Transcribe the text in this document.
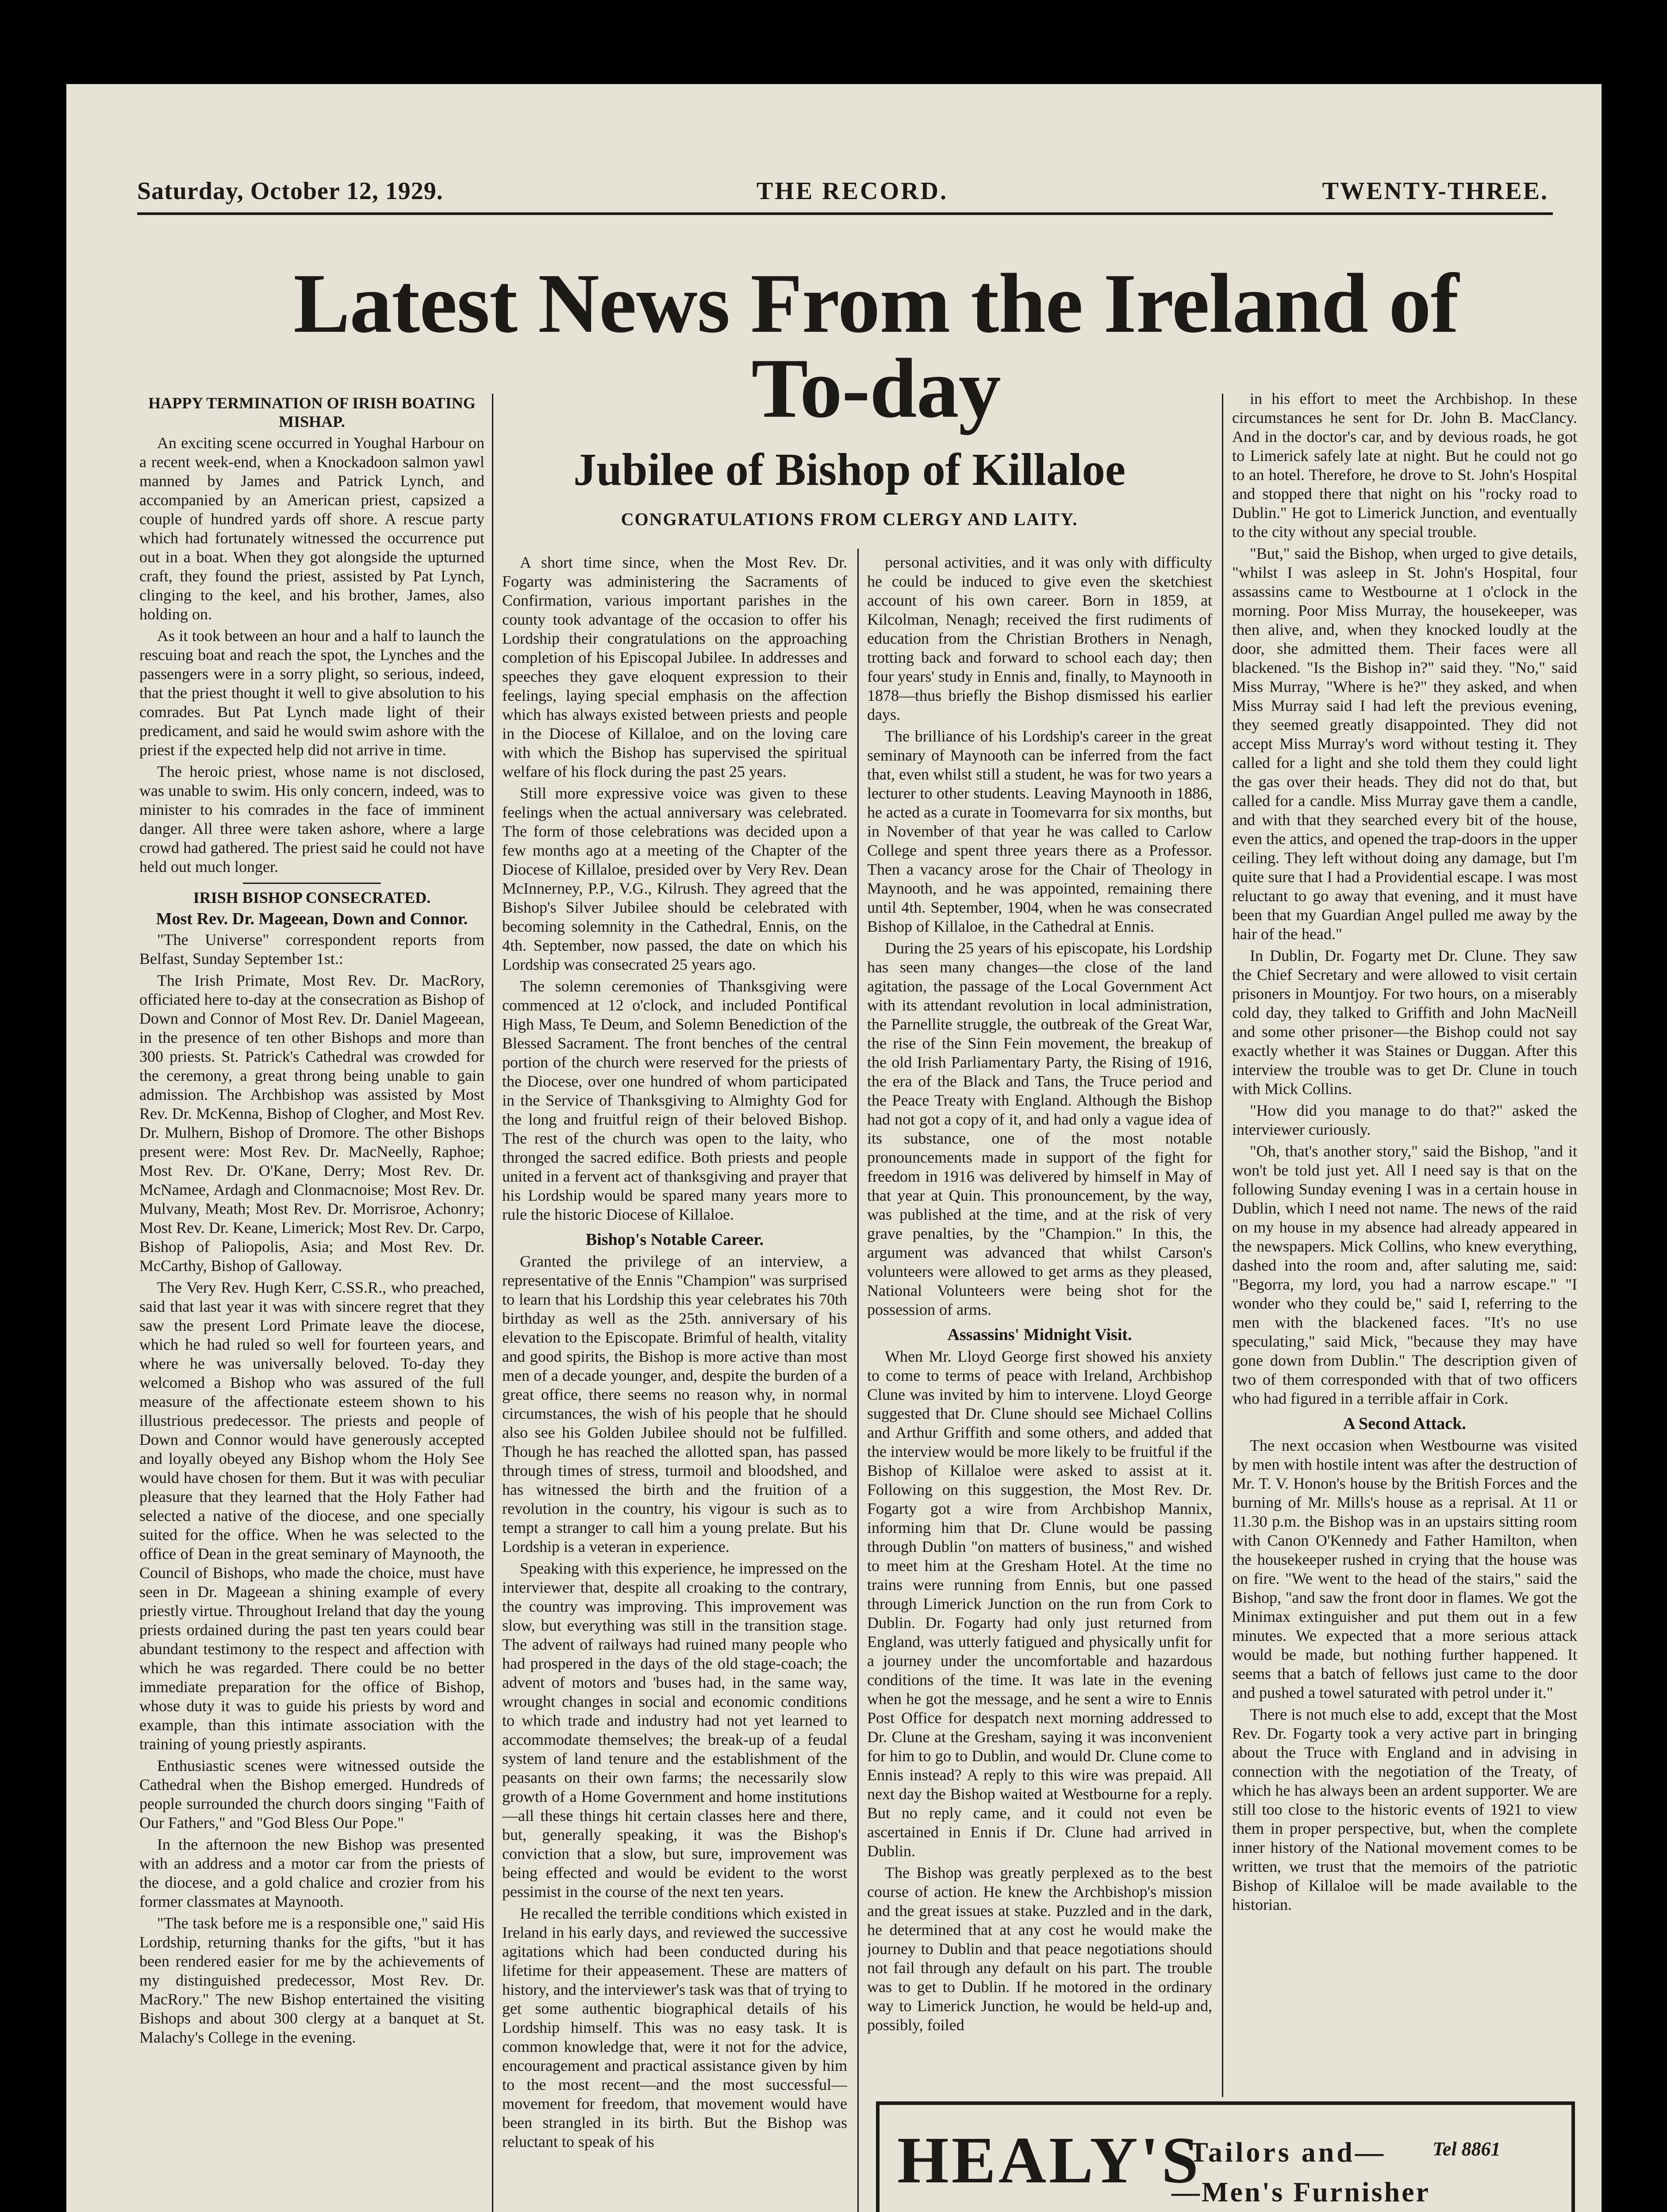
Saturday, October 12, 1929.	THE RECORD.	TWENTY-THREE.
Latest News From the Ireland of To-day
Jubilee of Bishop of Killaloe
CONGRATULATIONS FROM CLERGY AND LAITY.

HAPPY TERMINATION OF IRISH BOATING MISHAP.

An exciting scene occurred in Youghal Harbour on a recent week-end, when a Knockadoon salmon yawl manned by James and Patrick Lynch, and accompanied by an American priest, capsized a couple of hundred yards off shore. A rescue party which had fortunately witnessed the occurrence put out in a boat. When they got alongside the upturned craft, they found the priest, assisted by Pat Lynch, clinging to the keel, and his brother, James, also holding on.

As it took between an hour and a half to launch the rescuing boat and reach the spot, the Lynches and the passengers were in a sorry plight, so serious, indeed, that the priest thought it well to give absolution to his comrades. But Pat Lynch made light of their predicament, and said he would swim ashore with the priest if the expected help did not arrive in time.

The heroic priest, whose name is not disclosed, was unable to swim. His only concern, indeed, was to minister to his comrades in the face of imminent danger. All three were taken ashore, where a large crowd had gathered. The priest said he could not have held out much longer.

IRISH BISHOP CONSECRATED.

Most Rev. Dr. Mageean, Down and Connor.

"The Universe" correspondent reports from Belfast, Sunday September 1st.:

The Irish Primate, Most Rev. Dr. MacRory, officiated here to-day at the consecration as Bishop of Down and Connor of Most Rev. Dr. Daniel Mageean, in the presence of ten other Bishops and more than 300 priests. St. Patrick's Cathedral was crowded for the ceremony, a great throng being unable to gain admission. The Archbishop was assisted by Most Rev. Dr. McKenna, Bishop of Clogher, and Most Rev. Dr. Mulhern, Bishop of Dromore. The other Bishops present were: Most Rev. Dr. MacNeelly, Raphoe; Most Rev. Dr. O'Kane, Derry; Most Rev. Dr. McNamee, Ardagh and Clonmacnoise; Most Rev. Dr. Mulvany, Meath; Most Rev. Dr. Morrisroe, Achonry; Most Rev. Dr. Keane, Limerick; Most Rev. Dr. Carpo, Bishop of Paliopolis, Asia; and Most Rev. Dr. McCarthy, Bishop of Galloway.

The Very Rev. Hugh Kerr, C.SS.R., who preached, said that last year it was with sincere regret that they saw the present Lord Primate leave the diocese, which he had ruled so well for fourteen years, and where he was universally beloved. To-day they welcomed a Bishop who was assured of the full measure of the affectionate esteem shown to his illustrious predecessor. The priests and people of Down and Connor would have generously accepted and loyally obeyed any Bishop whom the Holy See would have chosen for them. But it was with peculiar pleasure that they learned that the Holy Father had selected a native of the diocese, and one specially suited for the office. When he was selected to the office of Dean in the great seminary of Maynooth, the Council of Bishops, who made the choice, must have seen in Dr. Mageean a shining example of every priestly virtue. Throughout Ireland that day the young priests ordained during the past ten years could bear abundant testimony to the respect and affection with which he was regarded. There could be no better immediate preparation for the office of Bishop, whose duty it was to guide his priests by word and example, than this intimate association with the training of young priestly aspirants.

Enthusiastic scenes were witnessed outside the Cathedral when the Bishop emerged. Hundreds of people surrounded the church doors singing "Faith of Our Fathers," and "God Bless Our Pope."

In the afternoon the new Bishop was presented with an address and a motor car from the priests of the diocese, and a gold chalice and crozier from his former classmates at Maynooth.

"The task before me is a responsible one," said His Lordship, returning thanks for the gifts, "but it has been rendered easier for me by the achievements of my distinguished predecessor, Most Rev. Dr. MacRory." The new Bishop entertained the visiting Bishops and about 300 clergy at a banquet at St. Malachy's College in the evening.

A short time since, when the Most Rev. Dr. Fogarty was administering the Sacraments of Confirmation, various important parishes in the county took advantage of the occasion to offer his Lordship their congratulations on the approaching completion of his Episcopal Jubilee. In addresses and speeches they gave eloquent expression to their feelings, laying special emphasis on the affection which has always existed between priests and people in the Diocese of Killaloe, and on the loving care with which the Bishop has supervised the spiritual welfare of his flock during the past 25 years.

Still more expressive voice was given to these feelings when the actual anniversary was celebrated. The form of those celebrations was decided upon a few months ago at a meeting of the Chapter of the Diocese of Killaloe, presided over by Very Rev. Dean McInnerney, P.P., V.G., Kilrush. They agreed that the Bishop's Silver Jubilee should be celebrated with becoming solemnity in the Cathedral, Ennis, on the 4th. September, now passed, the date on which his Lordship was consecrated 25 years ago.

The solemn ceremonies of Thanksgiving were commenced at 12 o'clock, and included Pontifical High Mass, Te Deum, and Solemn Benediction of the Blessed Sacrament. The front benches of the central portion of the church were reserved for the priests of the Diocese, over one hundred of whom participated in the Service of Thanksgiving to Almighty God for the long and fruitful reign of their beloved Bishop. The rest of the church was open to the laity, who thronged the sacred edifice. Both priests and people united in a fervent act of thanksgiving and prayer that his Lordship would be spared many years more to rule the historic Diocese of Killaloe.

Bishop's Notable Career.

Granted the privilege of an interview, a representative of the Ennis "Champion" was surprised to learn that his Lordship this year celebrates his 70th birthday as well as the 25th. anniversary of his elevation to the Episcopate. Brimful of health, vitality and good spirits, the Bishop is more active than most men of a decade younger, and, despite the burden of a great office, there seems no reason why, in normal circumstances, the wish of his people that he should also see his Golden Jubilee should not be fulfilled. Though he has reached the allotted span, has passed through times of stress, turmoil and bloodshed, and has witnessed the birth and the fruition of a revolution in the country, his vigour is such as to tempt a stranger to call him a young prelate. But his Lordship is a veteran in experience.

Speaking with this experience, he impressed on the interviewer that, despite all croaking to the contrary, the country was improving. This improvement was slow, but everything was still in the transition stage. The advent of railways had ruined many people who had prospered in the days of the old stage-coach; the advent of motors and 'buses had, in the same way, wrought changes in social and economic conditions to which trade and industry had not yet learned to accommodate themselves; the break-up of a feudal system of land tenure and the establishment of the peasants on their own farms; the necessarily slow growth of a Home Government and home institutions—all these things hit certain classes here and there, but, generally speaking, it was the Bishop's conviction that a slow, but sure, improvement was being effected and would be evident to the worst pessimist in the course of the next ten years.

He recalled the terrible conditions which existed in Ireland in his early days, and reviewed the successive agitations which had been conducted during his lifetime for their appeasement. These are matters of history, and the interviewer's task was that of trying to get some authentic biographical details of his Lordship himself. This was no easy task. It is common knowledge that, were it not for the advice, encouragement and practical assistance given by him to the most recent—and the most successful—movement for freedom, that movement would have been strangled in its birth. But the Bishop was reluctant to speak of his

personal activities, and it was only with difficulty he could be induced to give even the sketchiest account of his own career. Born in 1859, at Kilcolman, Nenagh; received the first rudiments of education from the Christian Brothers in Nenagh, trotting back and forward to school each day; then four years' study in Ennis and, finally, to Maynooth in 1878—thus briefly the Bishop dismissed his earlier days.

The brilliance of his Lordship's career in the great seminary of Maynooth can be inferred from the fact that, even whilst still a student, he was for two years a lecturer to other students. Leaving Maynooth in 1886, he acted as a curate in Toomevarra for six months, but in November of that year he was called to Carlow College and spent three years there as a Professor. Then a vacancy arose for the Chair of Theology in Maynooth, and he was appointed, remaining there until 4th. September, 1904, when he was consecrated Bishop of Killaloe, in the Cathedral at Ennis.

During the 25 years of his episcopate, his Lordship has seen many changes—the close of the land agitation, the passage of the Local Government Act with its attendant revolution in local administration, the Parnellite struggle, the outbreak of the Great War, the rise of the Sinn Fein movement, the breakup of the old Irish Parliamentary Party, the Rising of 1916, the era of the Black and Tans, the Truce period and the Peace Treaty with England. Although the Bishop had not got a copy of it, and had only a vague idea of its substance, one of the most notable pronouncements made in support of the fight for freedom in 1916 was delivered by himself in May of that year at Quin. This pronouncement, by the way, was published at the time, and at the risk of very grave penalties, by the "Champion." In this, the argument was advanced that whilst Carson's volunteers were allowed to get arms as they pleased, National Volunteers were being shot for the possession of arms.

Assassins' Midnight Visit.

When Mr. Lloyd George first showed his anxiety to come to terms of peace with Ireland, Archbishop Clune was invited by him to intervene. Lloyd George suggested that Dr. Clune should see Michael Collins and Arthur Griffith and some others, and added that the interview would be more likely to be fruitful if the Bishop of Killaloe were asked to assist at it. Following on this suggestion, the Most Rev. Dr. Fogarty got a wire from Archbishop Mannix, informing him that Dr. Clune would be passing through Dublin "on matters of business," and wished to meet him at the Gresham Hotel. At the time no trains were running from Ennis, but one passed through Limerick Junction on the run from Cork to Dublin. Dr. Fogarty had only just returned from England, was utterly fatigued and physically unfit for a journey under the uncomfortable and hazardous conditions of the time. It was late in the evening when he got the message, and he sent a wire to Ennis Post Office for despatch next morning addressed to Dr. Clune at the Gresham, saying it was inconvenient for him to go to Dublin, and would Dr. Clune come to Ennis instead? A reply to this wire was prepaid. All next day the Bishop waited at Westbourne for a reply. But no reply came, and it could not even be ascertained in Ennis if Dr. Clune had arrived in Dublin.

The Bishop was greatly perplexed as to the best course of action. He knew the Archbishop's mission and the great issues at stake. Puzzled and in the dark, he determined that at any cost he would make the journey to Dublin and that peace negotiations should not fail through any default on his part. The trouble was to get to Dublin. If he motored in the ordinary way to Limerick Junction, he would be held-up and, possibly, foiled

in his effort to meet the Archbishop. In these circumstances he sent for Dr. John B. MacClancy. And in the doctor's car, and by devious roads, he got to Limerick safely late at night. But he could not go to an hotel. Therefore, he drove to St. John's Hospital and stopped there that night on his "rocky road to Dublin." He got to Limerick Junction, and eventually to the city without any special trouble.

"But," said the Bishop, when urged to give details, "whilst I was asleep in St. John's Hospital, four assassins came to Westbourne at 1 o'clock in the morning. Poor Miss Murray, the housekeeper, was then alive, and, when they knocked loudly at the door, she admitted them. Their faces were all blackened. "Is the Bishop in?" said they. "No," said Miss Murray, "Where is he?" they asked, and when Miss Murray said I had left the previous evening, they seemed greatly disappointed. They did not accept Miss Murray's word without testing it. They called for a light and she told them they could light the gas over their heads. They did not do that, but called for a candle. Miss Murray gave them a candle, and with that they searched every bit of the house, even the attics, and opened the trap-doors in the upper ceiling. They left without doing any damage, but I'm quite sure that I had a Providential escape. I was most reluctant to go away that evening, and it must have been that my Guardian Angel pulled me away by the hair of the head."

In Dublin, Dr. Fogarty met Dr. Clune. They saw the Chief Secretary and were allowed to visit certain prisoners in Mountjoy. For two hours, on a miserably cold day, they talked to Griffith and John MacNeill and some other prisoner—the Bishop could not say exactly whether it was Staines or Duggan. After this interview the trouble was to get Dr. Clune in touch with Mick Collins.

"How did you manage to do that?" asked the interviewer curiously.

"Oh, that's another story," said the Bishop, "and it won't be told just yet. All I need say is that on the following Sunday evening I was in a certain house in Dublin, which I need not name. The news of the raid on my house in my absence had already appeared in the newspapers. Mick Collins, who knew everything, dashed into the room and, after saluting me, said: "Begorra, my lord, you had a narrow escape." "I wonder who they could be," said I, referring to the men with the blackened faces. "It's no use speculating," said Mick, "because they may have gone down from Dublin." The description given of two of them corresponded with that of two officers who had figured in a terrible affair in Cork.

A Second Attack.

The next occasion when Westbourne was visited by men with hostile intent was after the destruction of Mr. T. V. Honon's house by the British Forces and the burning of Mr. Mills's house as a reprisal. At 11 or 11.30 p.m. the Bishop was in an upstairs sitting room with Canon O'Kennedy and Father Hamilton, when the housekeeper rushed in crying that the house was on fire. "We went to the head of the stairs," said the Bishop, "and saw the front door in flames. We got the Minimax extinguisher and put them out in a few minutes. We expected that a more serious attack would be made, but nothing further happened. It seems that a batch of fellows just came to the door and pushed a towel saturated with petrol under it."

There is not much else to add, except that the Most Rev. Dr. Fogarty took a very active part in bringing about the Truce with England and in advising in connection with the negotiation of the Treaty, of which he has always been an ardent supporter. We are still too close to the historic events of 1921 to view them in proper perspective, but, when the complete inner history of the National movement comes to be written, we trust that the memoirs of the patriotic Bishop of Killaloe will be made available to the historian.

HEALY'S
Tailors and— Tel 8861
—Men's Furnisher
